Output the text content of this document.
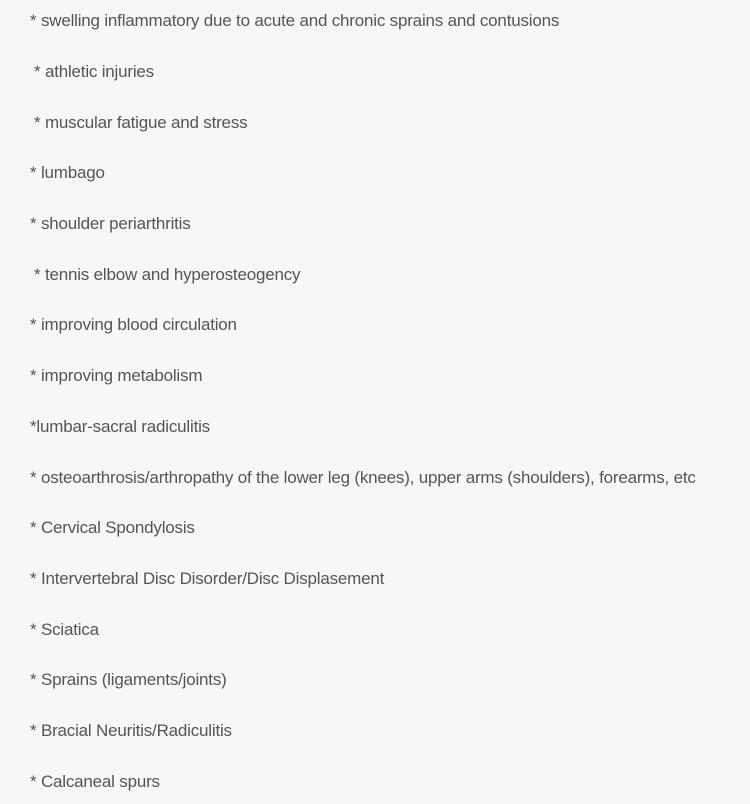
* swelling inflammatory due to acute and chronic sprains and contusions
* athletic injuries
* muscular fatigue and stress
* lumbago
* shoulder periarthritis
* tennis elbow and hyperosteogency
* improving blood circulation
* improving metabolism
*lumbar-sacral radiculitis
* osteoarthrosis/arthropathy of the lower leg (knees), upper arms (shoulders), forearms, etc
* Cervical Spondylosis
* Intervertebral Disc Disorder/Disc Displasement
* Sciatica
* Sprains (ligaments/joints)
* Bracial Neuritis/Radiculitis
* Calcaneal spurs
